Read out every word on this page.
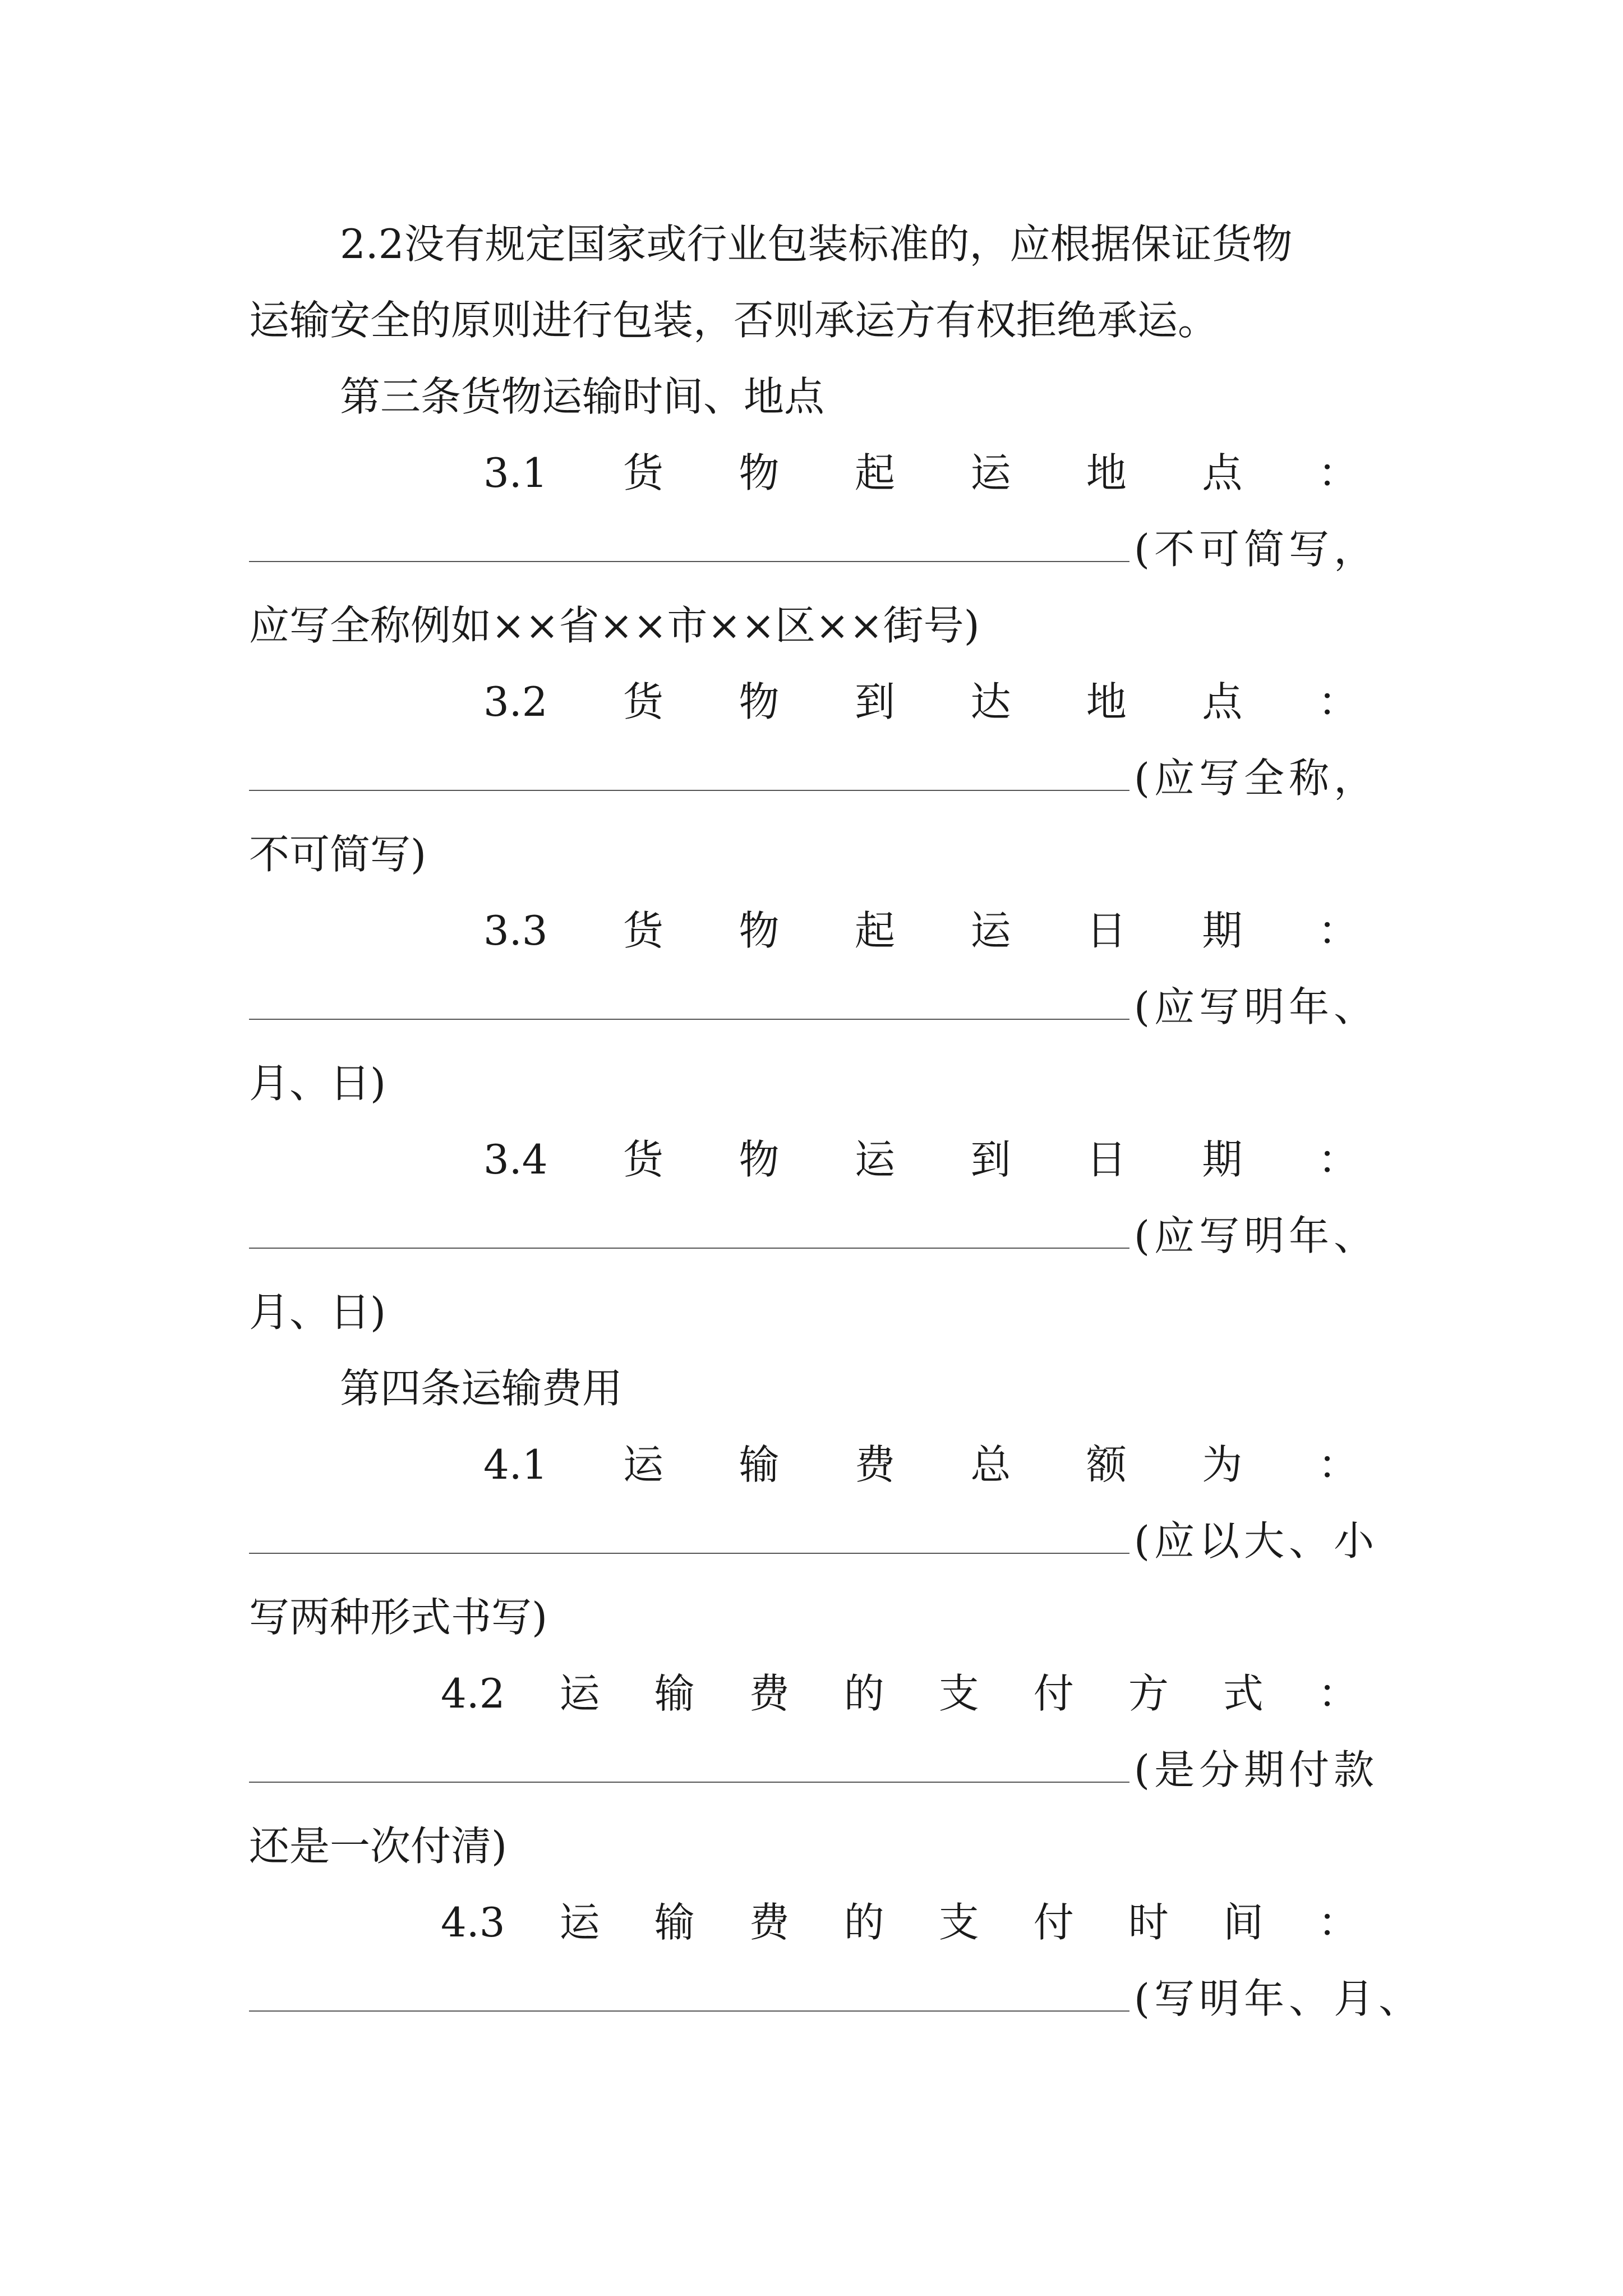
2.2没有规定国家或行业包装标准的，应根据保证货物
运输安全的原则进行包装，否则承运方有权拒绝承运。
第三条货物运输时间、地点
3.1 货 物 起 运 地 点 ：
(不可简写，
应写全称例如××省××市××区××街号)
3.2 货 物 到 达 地 点 ：
(应写全称，
不可简写)
3.3 货 物 起 运 日 期 ：
(应写明年、
月、日)
3.4 货 物 运 到 日 期 ：
(应写明年、
月、日)
第四条运输费用
4.1 运 输 费 总 额 为 ：
(应以大、小
写两种形式书写)
4.2 运 输 费 的 支 付 方 式 ：
(是分期付款
还是一次付清)
4.3 运 输 费 的 支 付 时 间 ：
(写明年、月、
